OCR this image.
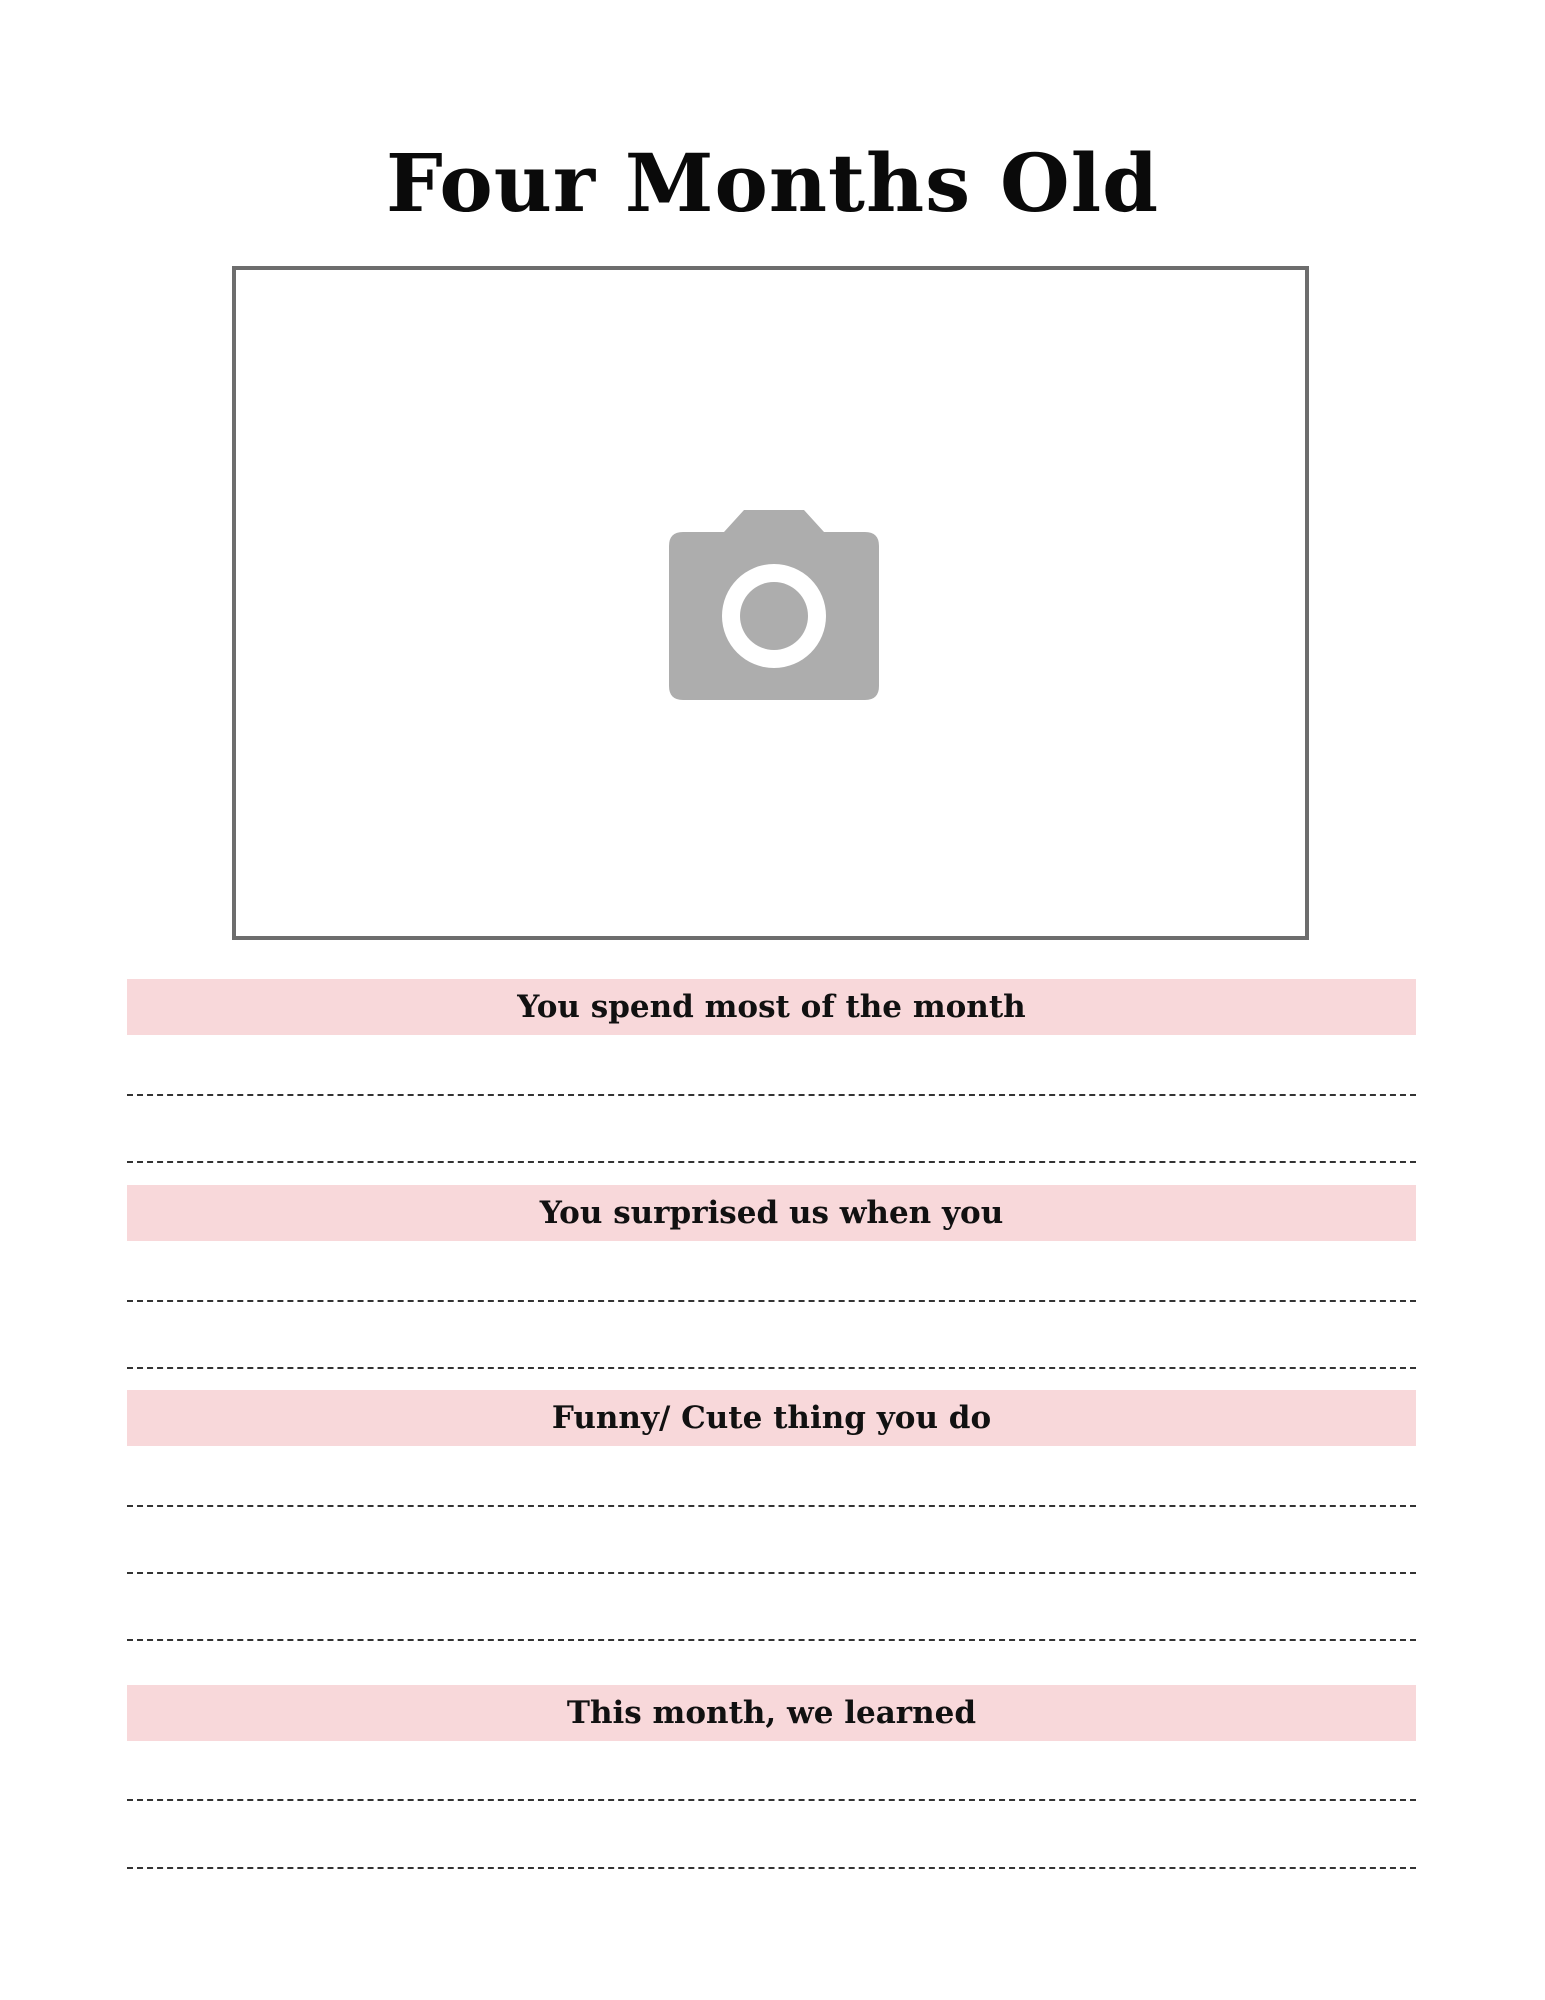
Four Months Old
You spend most of the month
You surprised us when you
Funny/ Cute thing you do
This month, we learned
